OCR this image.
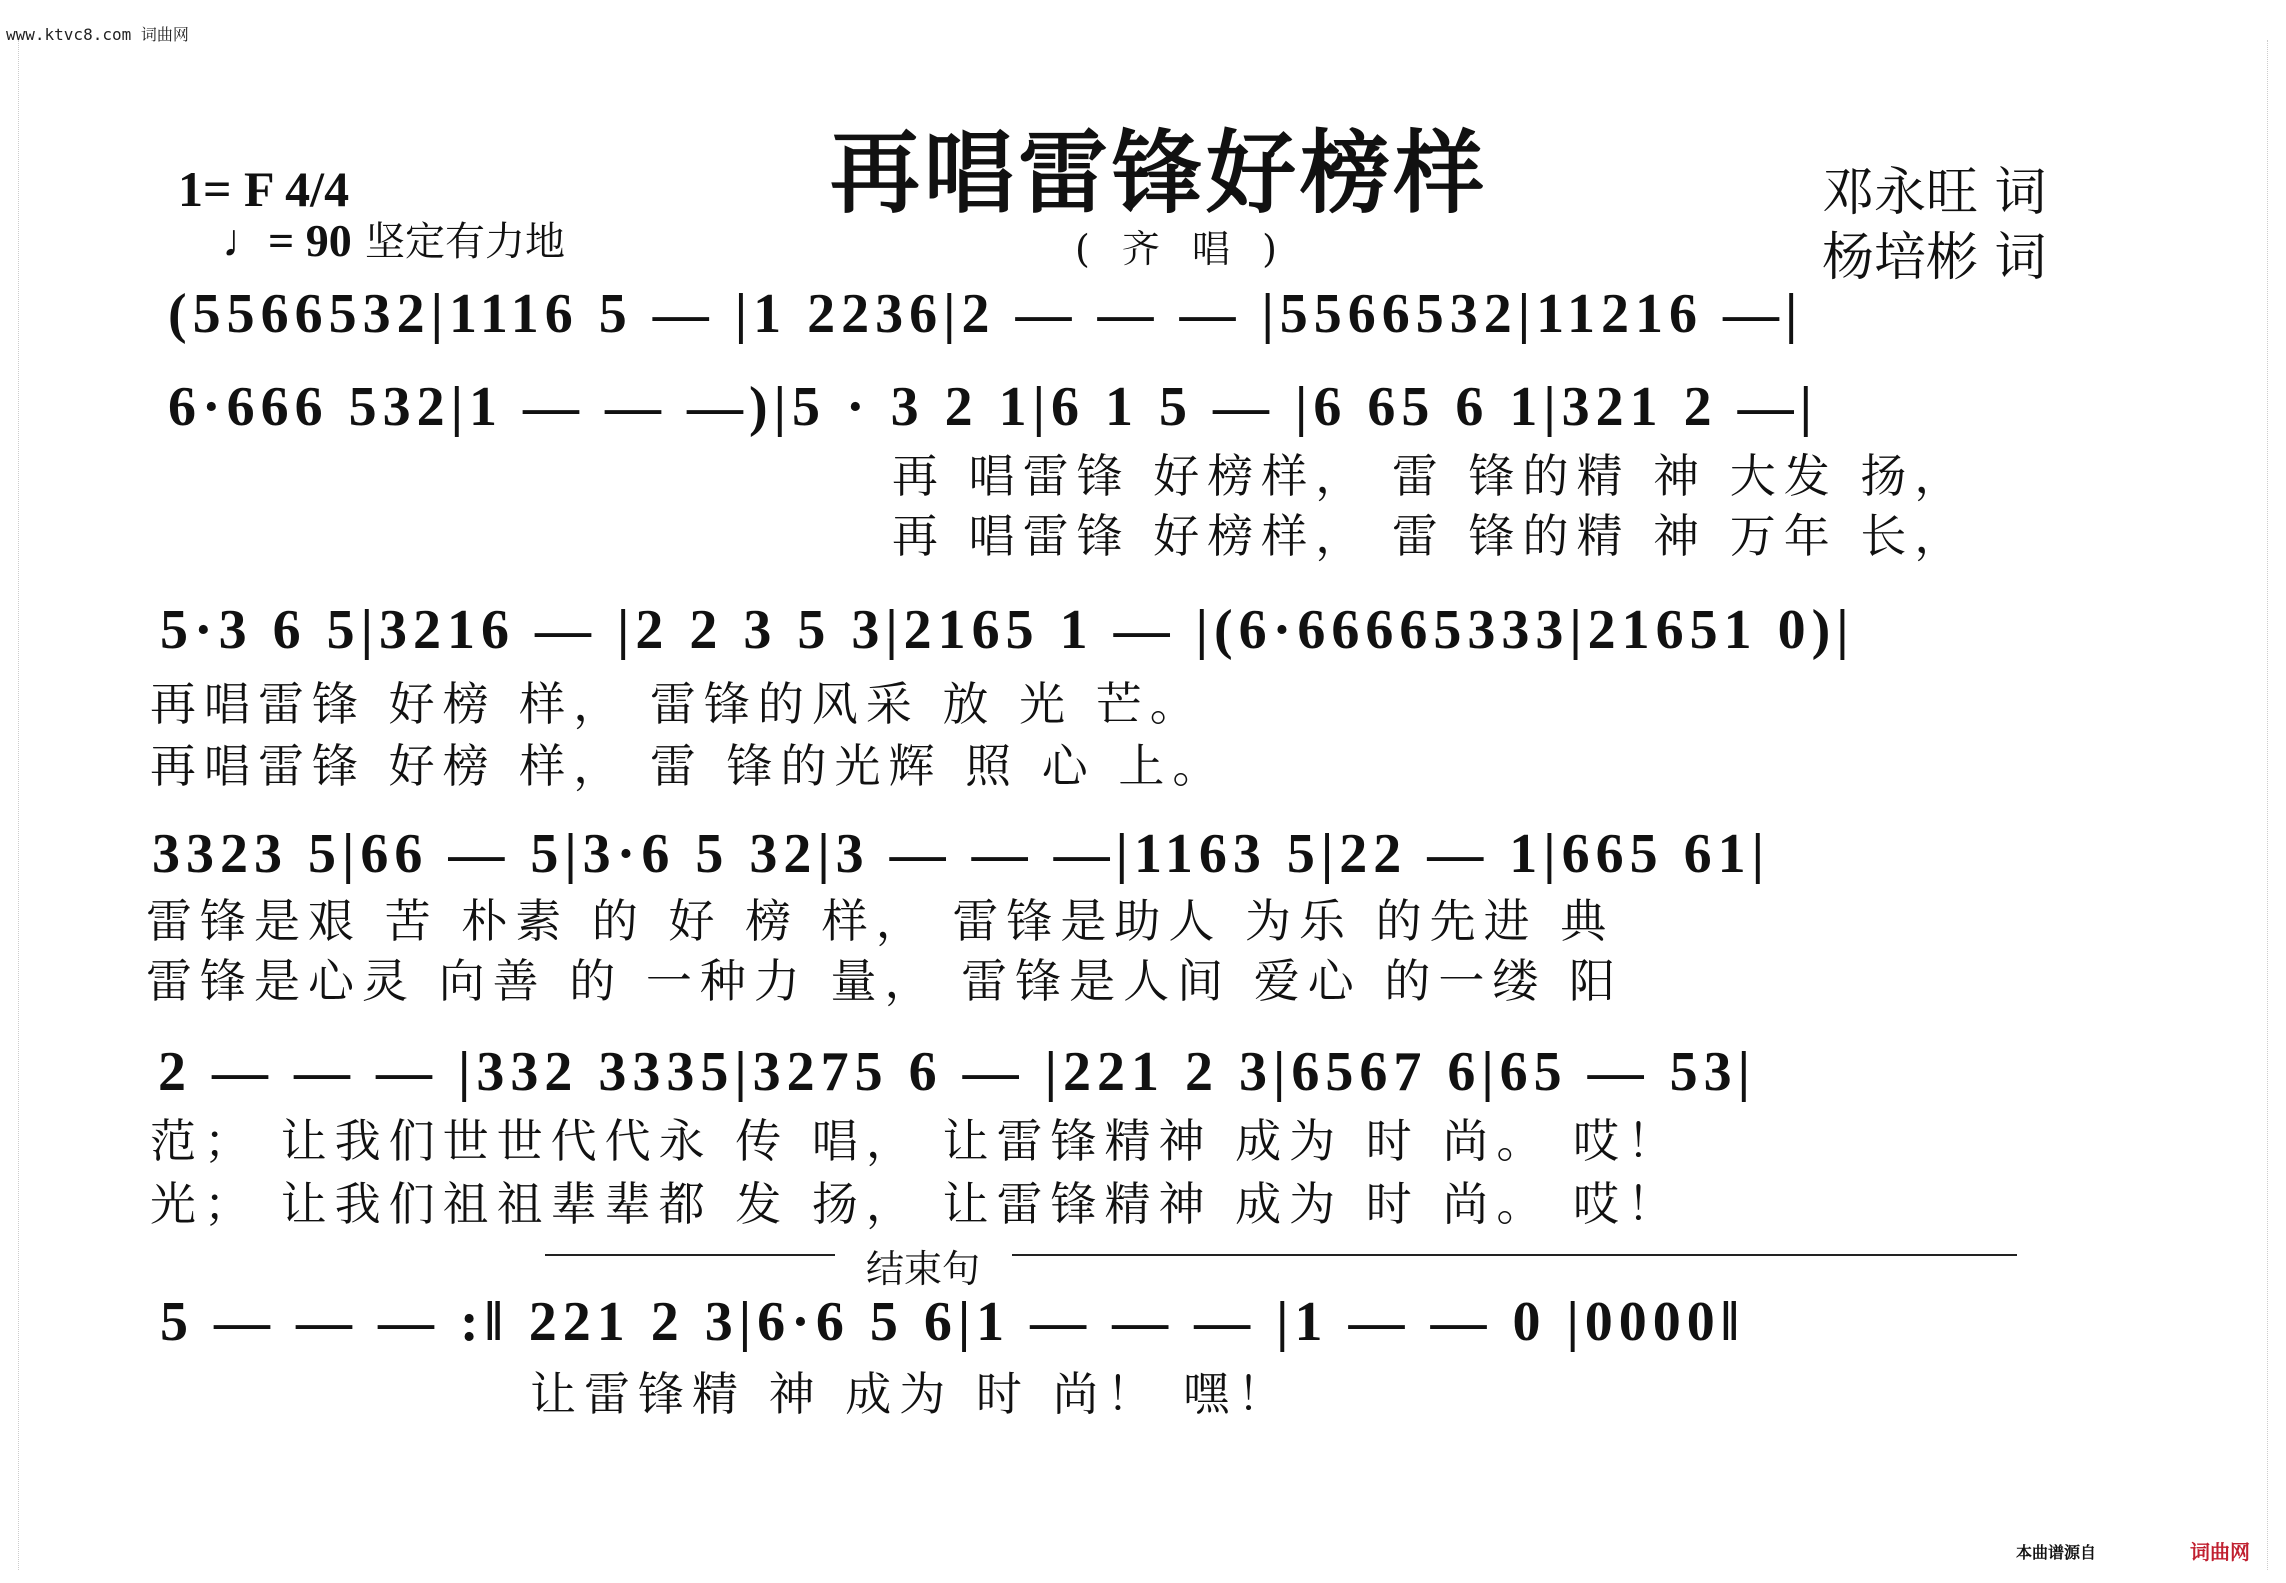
www.ktvc8.com 词曲网
再唱雷锋好榜样
( 齐 唱 )
1= F 4/4
♩= 90 坚定有力地
邓永旺 词
杨培彬 词
(5566532|1116 5 — |1 2236|2 — — — |5566532|11216 —|
6·666 532|1 — — —)|5 · 3 2 1|6 1 5 — |6 65 6 1|321 2 —|
再 唱雷锋 好榜样， 雷 锋的精 神 大发 扬，
再 唱雷锋 好榜样， 雷 锋的精 神 万年 长，
5·3 6 5|3216 — |2 2 3 5 3|2165 1 — |(6·66665333|21651 0)|
再唱雷锋 好榜 样， 雷锋的风采 放 光 芒。
再唱雷锋 好榜 样， 雷 锋的光辉 照 心 上。
3323 5|66 — 5|3·6 5 32|3 — — —|1163 5|22 — 1|665 61|
雷锋是艰 苦 朴素 的 好 榜 样， 雷锋是助人 为乐 的先进 典
雷锋是心灵 向善 的 一种力 量， 雷锋是人间 爱心 的一缕 阳
2 — — — |332 3335|3275 6 — |221 2 3|6567 6|65 — 53|
范； 让我们世世代代永 传 唱， 让雷锋精神 成为 时 尚。 哎！
光； 让我们祖祖辈辈都 发 扬， 让雷锋精神 成为 时 尚。 哎！
结束句
5 — — — :‖ 221 2 3|6·6 5 6|1 — — — |1 — — 0 |0000‖
让雷锋精 神 成为 时 尚！ 嘿！
本曲谱源自	词曲网
